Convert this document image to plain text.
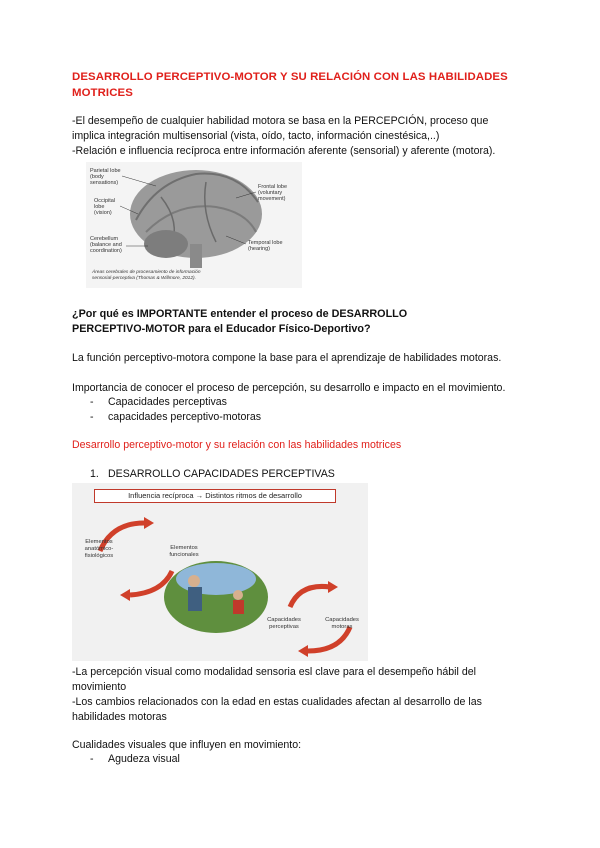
DESARROLLO PERCEPTIVO-MOTOR Y SU RELACIÓN CON LAS HABILIDADES
MOTRICES
-El desempeño de cualquier habilidad motora se basa en la PERCEPCIÓN, proceso que
implica integración multisensorial (vista, oído, tacto, información cinestésica,..)
-Relación e influencia recíproca entre información aferente (sensorial) y aferente (motora).
Parietal lobe
(body
sensations)
Occipital
lobe
(vision)
Cerebellum
(balance and
coordination)
Frontal lobe
(voluntary
movement)
Temporal lobe
(hearing)
Áreas cerebrales de procesamiento de información
sensorial-perceptiva (Thomas & Willmore, 2012).
¿Por qué es IMPORTANTE entender el proceso de DESARROLLO
PERCEPTIVO-MOTOR para el Educador Físico-Deportivo?
La función perceptivo-motora compone la base para el aprendizaje de habilidades motoras.
Importancia de conocer el proceso de percepción, su desarrollo e impacto en el movimiento.
- Capacidades perceptivas
- capacidades perceptivo-motoras
Desarrollo perceptivo-motor y su relación con las habilidades motrices
1. DESARROLLO CAPACIDADES PERCEPTIVAS
Influencia recíproca → Distintos ritmos de desarrollo
Elementos
anatómico-
fisiológicos
Elementos
funcionales
Capacidades
perceptivas
Capacidades
motoras
-La percepción visual como modalidad sensoria esl clave para el desempeño hábil del
movimiento
-Los cambios relacionados con la edad en estas cualidades afectan al desarrollo de las
habilidades motoras
Cualidades visuales que influyen en movimiento:
- Agudeza visual
